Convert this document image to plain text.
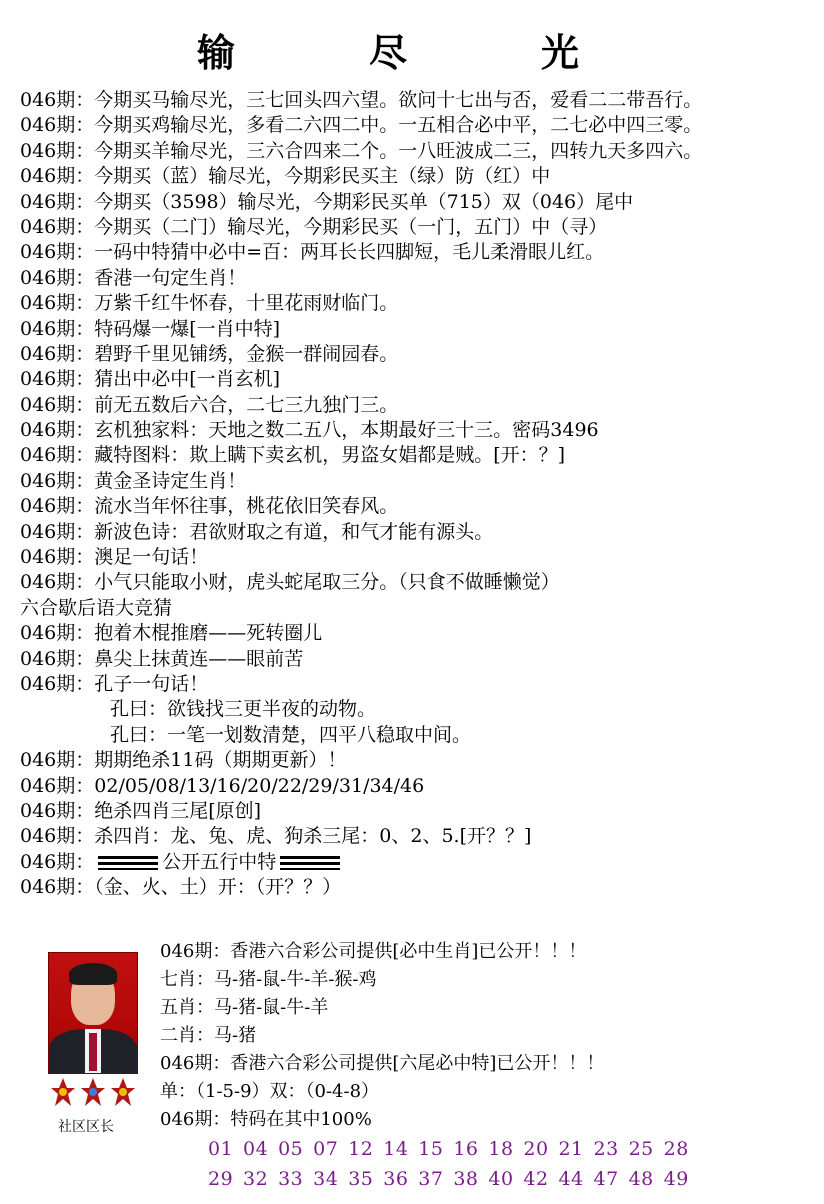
输　尽　光
046期：今期买马输尽光，三七回头四六望。欲问十七出与否，爱看二二带吾行。
046期：今期买鸡输尽光，多看二六四二中。一五相合必中平，二七必中四三零。
046期：今期买羊输尽光，三六合四来二个。一八旺波成二三，四转九天多四六。
046期：今期买（蓝）输尽光，今期彩民买主（绿）防（红）中
046期：今期买（3598）输尽光，今期彩民买单（715）双（046）尾中
046期：今期买（二门）输尽光，今期彩民买（一门，五门）中（寻）
046期：一码中特猜中必中=百：两耳长长四脚短，毛儿柔滑眼儿红。
046期：香港一句定生肖！
046期：万紫千红牛怀春，十里花雨财临门。
046期：特码爆一爆[一肖中特]
046期：碧野千里见铺绣，金猴一群闹园春。
046期：猜出中必中[一肖玄机]
046期：前无五数后六合，二七三九独门三。
046期：玄机独家料：天地之数二五八，本期最好三十三。密码3496
046期：藏特图料：欺上瞒下卖玄机，男盗女娼都是贼。[开：？]
046期：黄金圣诗定生肖！
046期：流水当年怀往事，桃花依旧笑春风。
046期：新波色诗：君欲财取之有道，和气才能有源头。
046期：澳足一句话！
046期：小气只能取小财，虎头蛇尾取三分。（只食不做睡懒觉）
六合歇后语大竞猜
046期：抱着木棍推磨——死转圈儿
046期：鼻尖上抹黄连——眼前苦
046期：孔子一句话！
孔曰：欲钱找三更半夜的动物。
孔曰：一笔一划数清楚，四平八稳取中间。
046期：期期绝杀11码（期期更新）！
046期：02/05/08/13/16/20/22/29/31/34/46
046期：绝杀四肖三尾[原创]
046期：杀四肖：龙、兔、虎、狗杀三尾：0、2、5.[开？？]
046期：	公开五行中特
046期：（金、火、土）开：（开？？）
社区区长
046期：香港六合彩公司提供[必中生肖]已公开！！！
七肖：马-猪-鼠-牛-羊-猴-鸡
五肖：马-猪-鼠-牛-羊
二肖：马-猪
046期：香港六合彩公司提供[六尾必中特]已公开！！！
单：（1-5-9）双：（0-4-8）
046期：特码在其中100%
01 04 05 07 12 14 15 16 18 20 21 23 25 28
29 32 33 34 35 36 37 38 40 42 44 47 48 49
